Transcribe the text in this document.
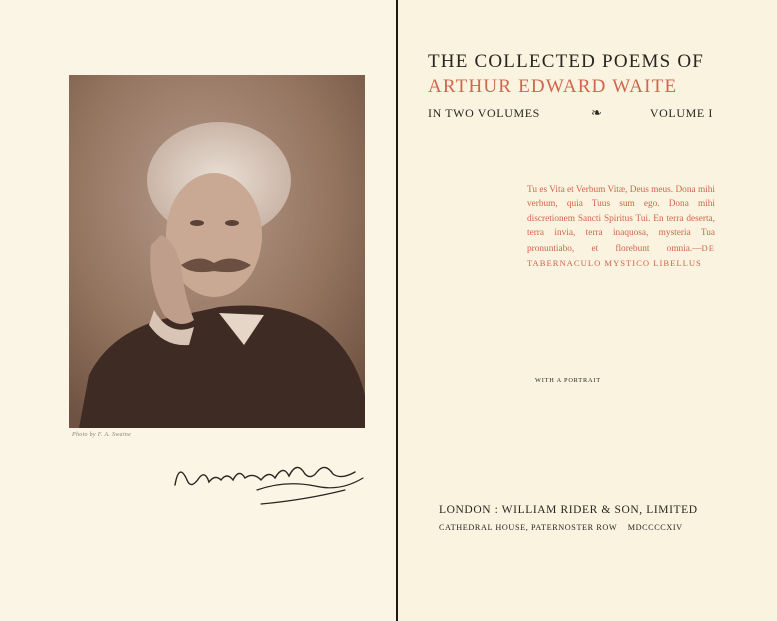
Photo by F. A. Swaine
THE COLLECTED POEMS OF
ARTHUR EDWARD WAITE
IN TWO VOLUMES	❧	VOLUME I
Tu es Vita et Verbum Vitæ, Deus meus. Dona mihi verbum, quia Tuus sum ego. Dona mihi discretionem Sancti Spiritus Tui. En terra deserta, terra invia, terra inaquosa, mysteria Tua pronuntiabo, et florebunt omnia.—DE TABERNACULO MYSTICO LIBELLUS
WITH A PORTRAIT
LONDON : WILLIAM RIDER & SON, LIMITED
CATHEDRAL HOUSE, PATERNOSTER ROW    MDCCCCXIV
